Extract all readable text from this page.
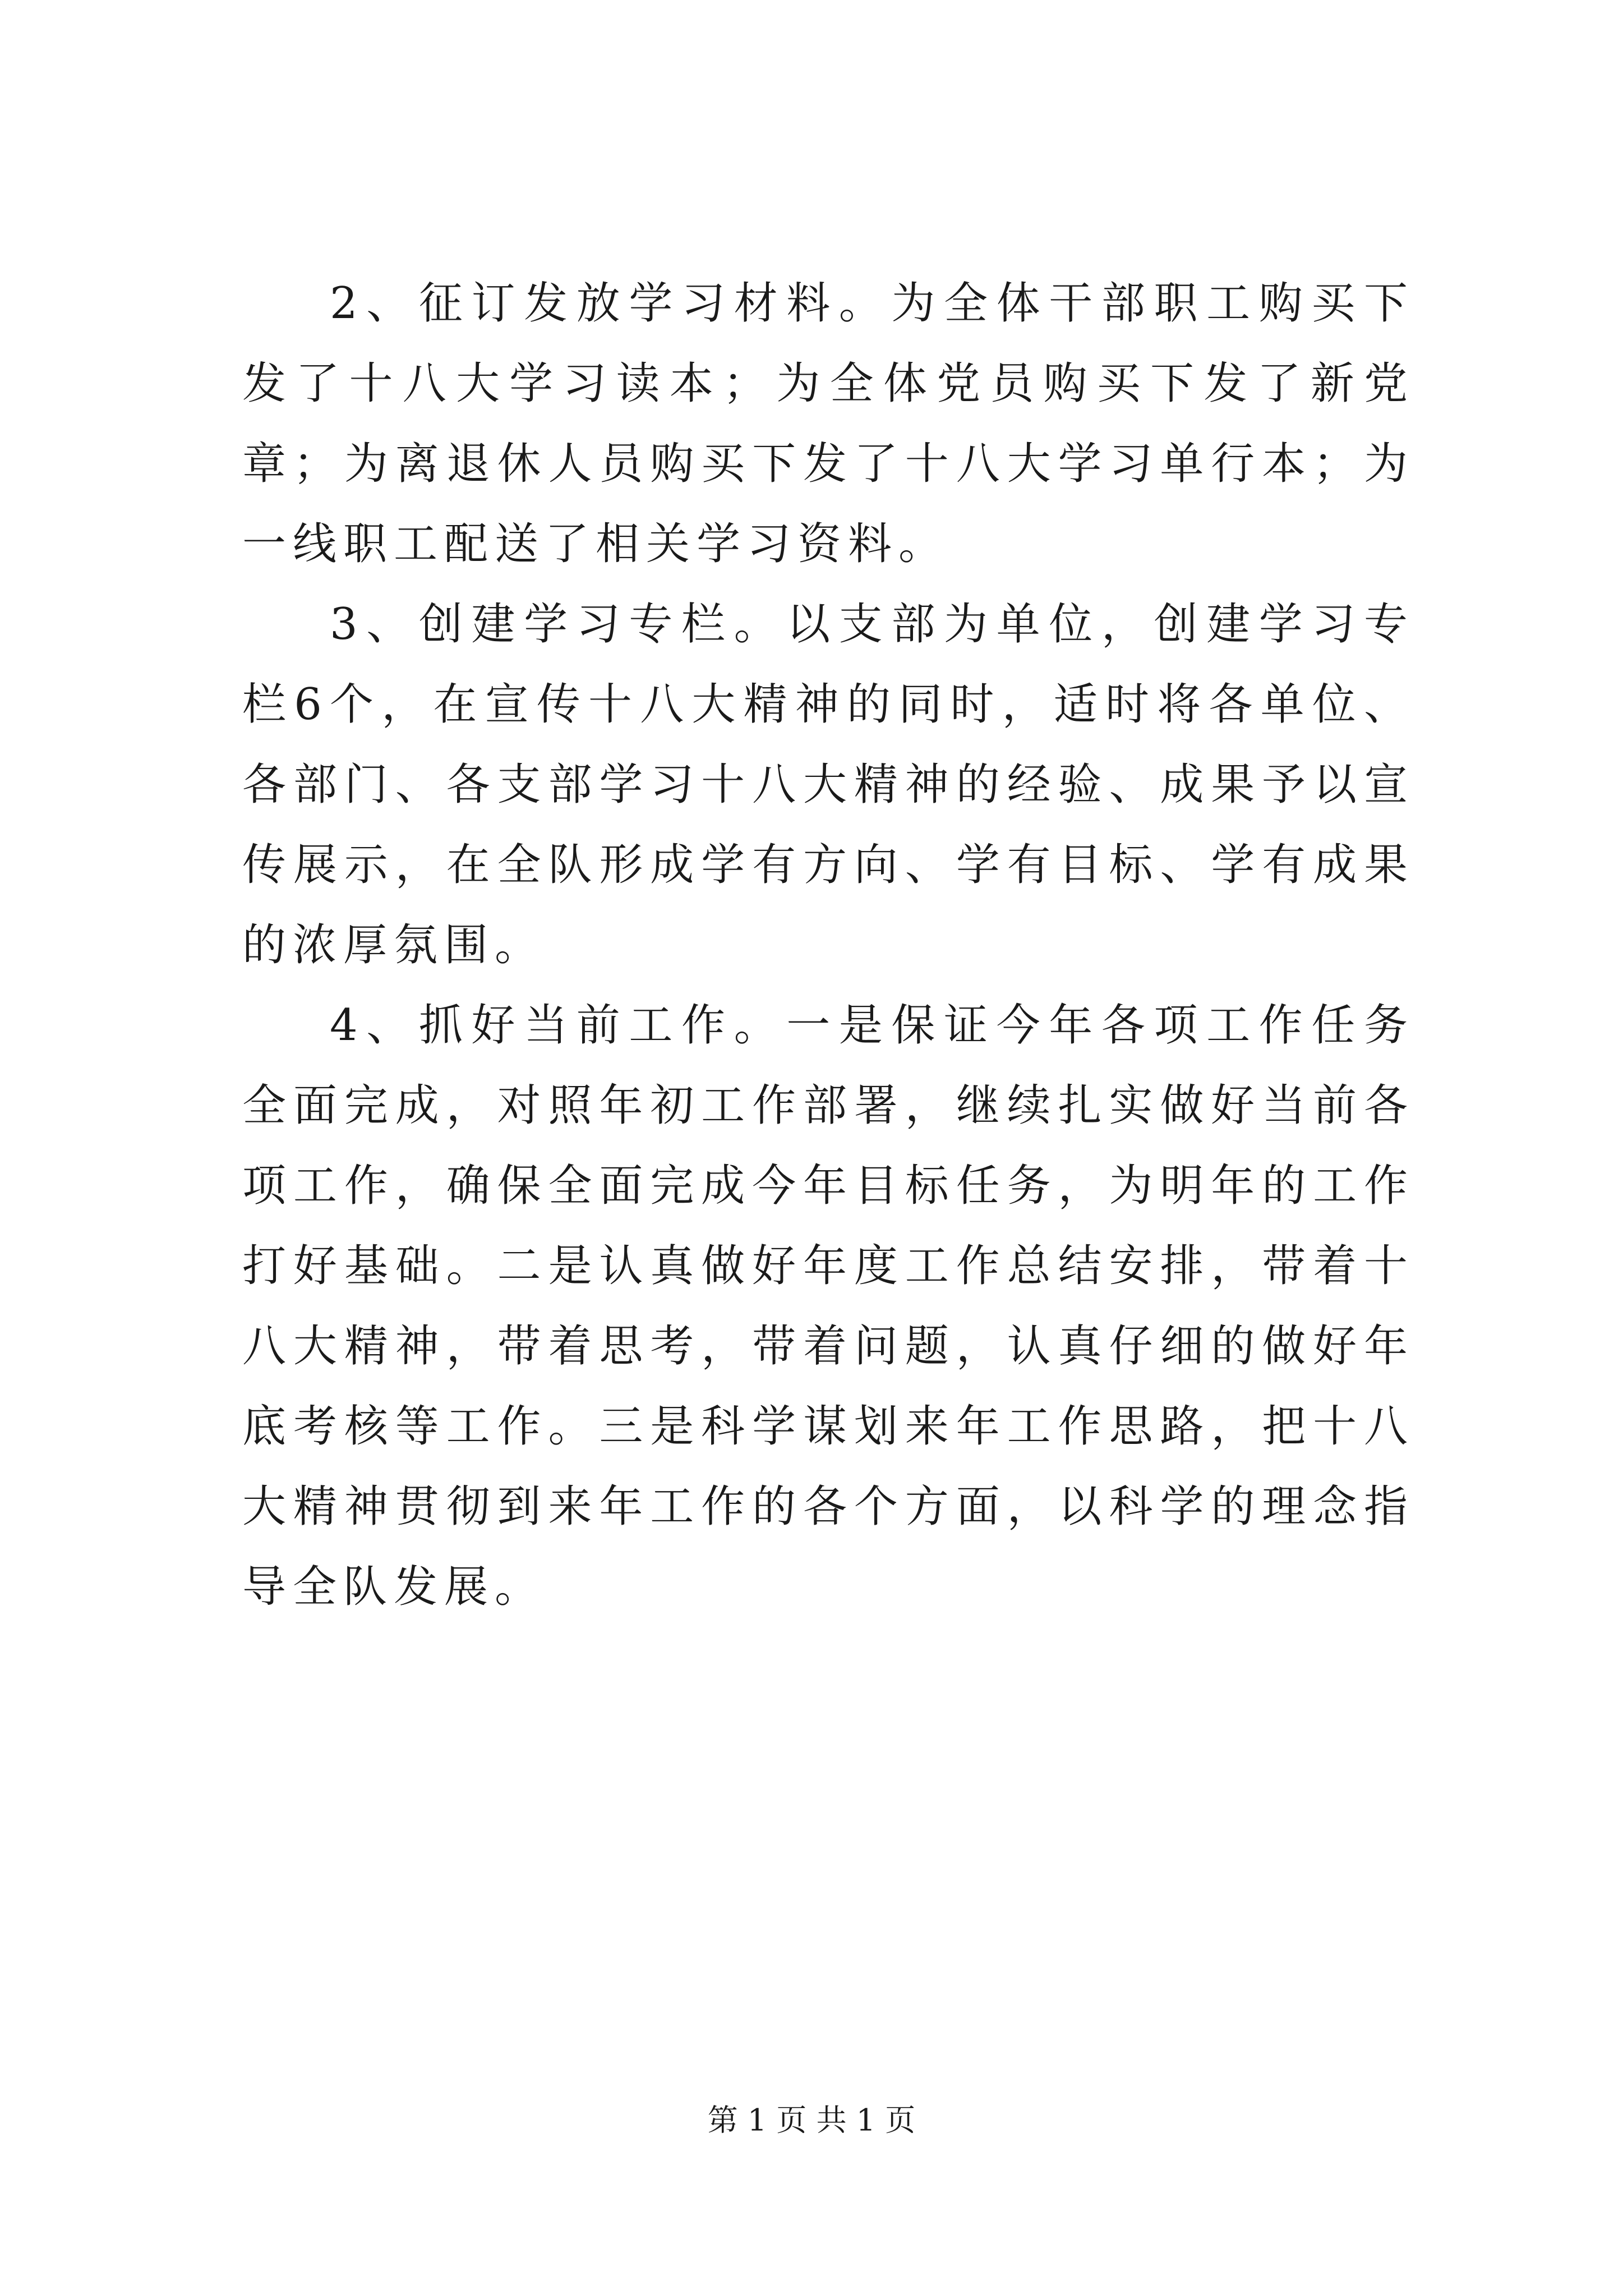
2、征订发放学习材料。为全体干部职工购买下发了十八大学习读本；为全体党员购买下发了新党章；为离退休人员购买下发了十八大学习单行本；为一线职工配送了相关学习资料。

3、创建学习专栏。以支部为单位，创建学习专栏6个，在宣传十八大精神的同时，适时将各单位、各部门、各支部学习十八大精神的经验、成果予以宣传展示，在全队形成学有方向、学有目标、学有成果的浓厚氛围。

4、抓好当前工作。一是保证今年各项工作任务全面完成，对照年初工作部署，继续扎实做好当前各项工作，确保全面完成今年目标任务，为明年的工作打好基础。二是认真做好年度工作总结安排，带着十八大精神，带着思考，带着问题，认真仔细的做好年底考核等工作。三是科学谋划来年工作思路，把十八大精神贯彻到来年工作的各个方面，以科学的理念指导全队发展。

第 1 页 共 1 页
